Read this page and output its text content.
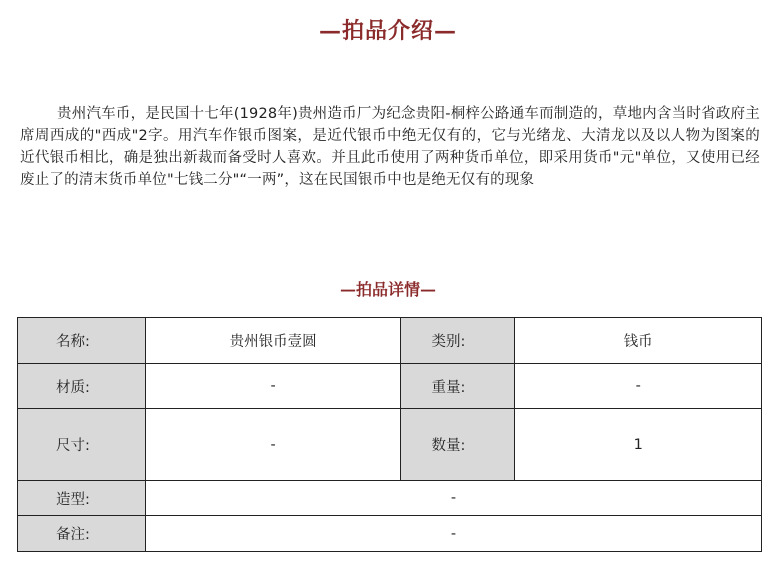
—拍品介绍—
贵州汽车币，是民国十七年(1928年)贵州造币厂为纪念贵阳-桐梓公路通车而制造的，草地内含当时省政府主席周西成的"西成"2字。用汽车作银币图案，是近代银币中绝无仅有的，它与光绪龙、大清龙以及以人物为图案的近代银币相比，确是独出新裁而备受时人喜欢。并且此币使用了两种货币单位，即采用货币"元"单位，又使用已经废止了的清末货币单位"七钱二分"“一两”，这在民国银币中也是绝无仅有的现象
—拍品详情—
名称:	贵州银币壹圆	类别:	钱币
材质:	-	重量:	-
尺寸:	-	数量:	1
造型:	-		
备注:	-		
